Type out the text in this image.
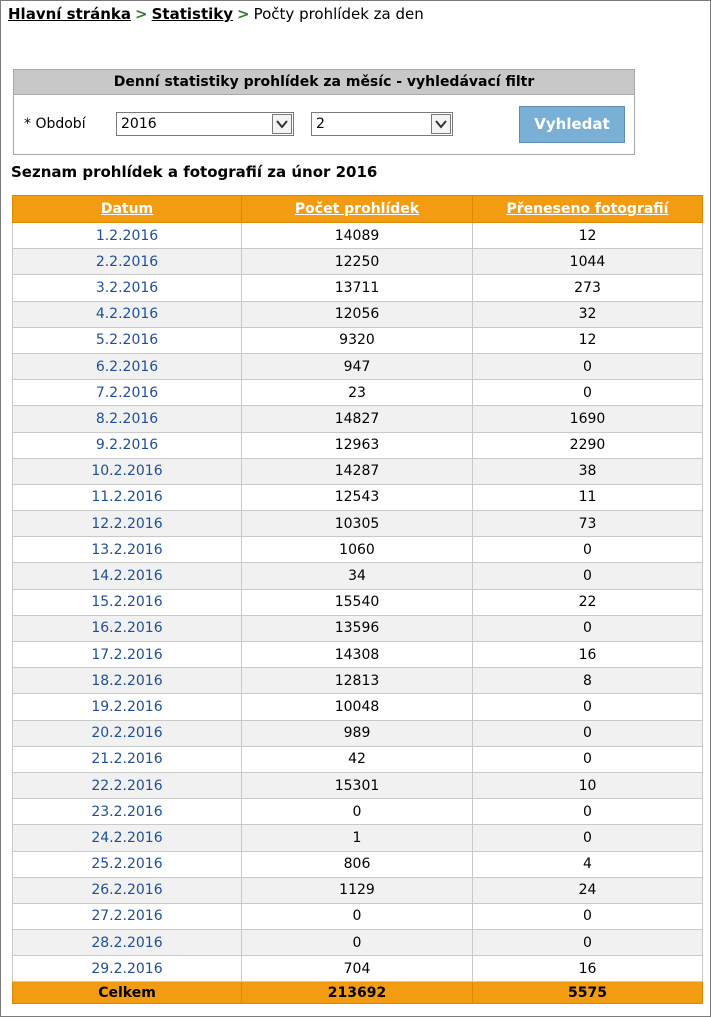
Hlavní stránka > Statistiky > Počty prohlídek za den
Denní statistiky prohlídek za měsíc - vyhledávací filtr
* Období	2016	2	Vyhledat
Seznam prohlídek a fotografií za únor 2016
Datum	Počet prohlídek	Přeneseno fotografií
1.2.2016	14089	12
2.2.2016	12250	1044
3.2.2016	13711	273
4.2.2016	12056	32
5.2.2016	9320	12
6.2.2016	947	0
7.2.2016	23	0
8.2.2016	14827	1690
9.2.2016	12963	2290
10.2.2016	14287	38
11.2.2016	12543	11
12.2.2016	10305	73
13.2.2016	1060	0
14.2.2016	34	0
15.2.2016	15540	22
16.2.2016	13596	0
17.2.2016	14308	16
18.2.2016	12813	8
19.2.2016	10048	0
20.2.2016	989	0
21.2.2016	42	0
22.2.2016	15301	10
23.2.2016	0	0
24.2.2016	1	0
25.2.2016	806	4
26.2.2016	1129	24
27.2.2016	0	0
28.2.2016	0	0
29.2.2016	704	16
Celkem	213692	5575
